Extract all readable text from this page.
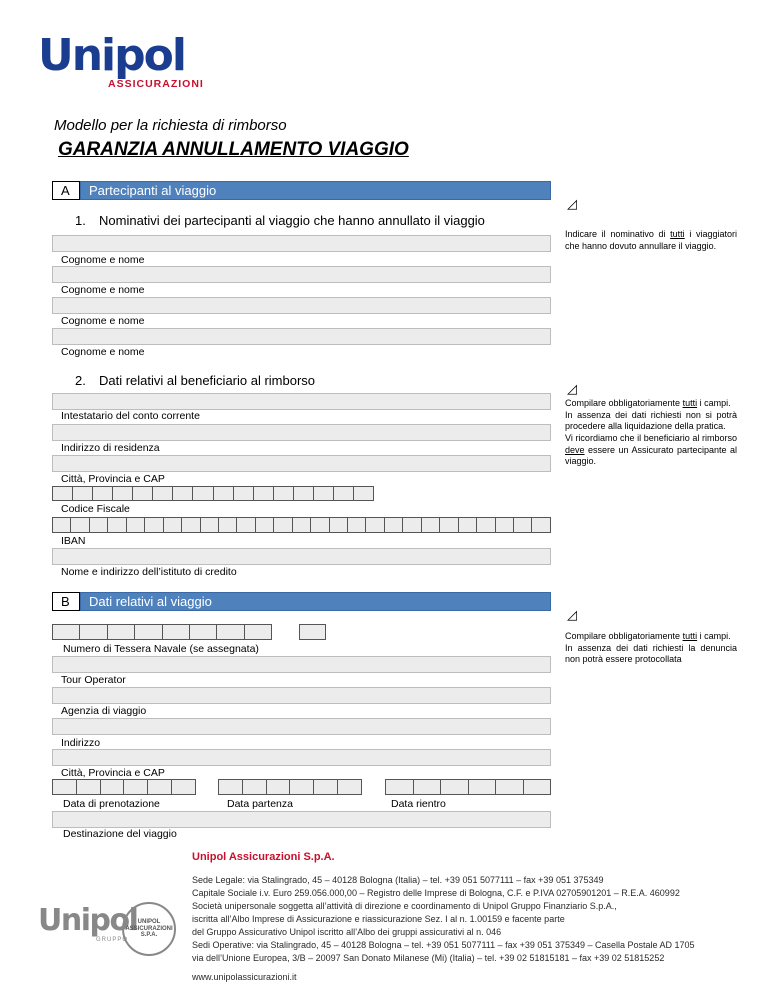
Unipol
ASSICURAZIONI
Modello per la richiesta di rimborso
GARANZIA ANNULLAMENTO VIAGGIO
A	Partecipanti al viaggio
1. Nominativi dei partecipanti al viaggio che hanno annullato il viaggio
Cognome e nome
Cognome e nome
Cognome e nome
Cognome e nome
◿
Indicare il nominativo di tutti i viaggiatori che hanno dovuto annullare il viaggio.
2. Dati relativi al beneficiario al rimborso
Intestatario del conto corrente
Indirizzo di residenza
Città, Provincia e CAP
Codice Fiscale
IBAN
Nome e indirizzo dell’istituto di credito
◿
Compilare obbligatoriamente tutti i campi.
In assenza dei dati richiesti non si potrà procedere alla liquidazione della pratica.
Vi ricordiamo che il beneficiario al rimborso deve essere un Assicurato partecipante al viaggio.
B	Dati relativi al viaggio
Numero di Tessera Navale (se assegnata)
Tour Operator
Agenzia di viaggio
Indirizzo
Città, Provincia e CAP
Data di prenotazione	Data partenza	Data rientro
Destinazione del viaggio
◿
Compilare obbligatoriamente tutti i campi.
In assenza dei dati richiesti la denuncia non potrà essere protocollata
Unipol
GRUPPO
UNIPOL
ASSICURAZIONI
S.P.A.
Unipol Assicurazioni S.p.A.
Sede Legale: via Stalingrado, 45 – 40128 Bologna (Italia) – tel. +39 051 5077111 – fax +39 051 375349
Capitale Sociale i.v. Euro 259.056.000,00 – Registro delle Imprese di Bologna, C.F. e P.IVA 02705901201 – R.E.A. 460992
Società unipersonale soggetta all’attività di direzione e coordinamento di Unipol Gruppo Finanziario S.p.A.,
iscritta all’Albo Imprese di Assicurazione e riassicurazione Sez. I al n. 1.00159 e facente parte
del Gruppo Assicurativo Unipol iscritto all’Albo dei gruppi assicurativi al n. 046
Sedi Operative: via Stalingrado, 45 – 40128 Bologna – tel. +39 051 5077111 – fax +39 051 375349 – Casella Postale AD 1705
via dell’Unione Europea, 3/B – 20097 San Donato Milanese (Mi) (Italia) – tel. +39 02 51815181 – fax +39 02 51815252
www.unipolassicurazioni.it
